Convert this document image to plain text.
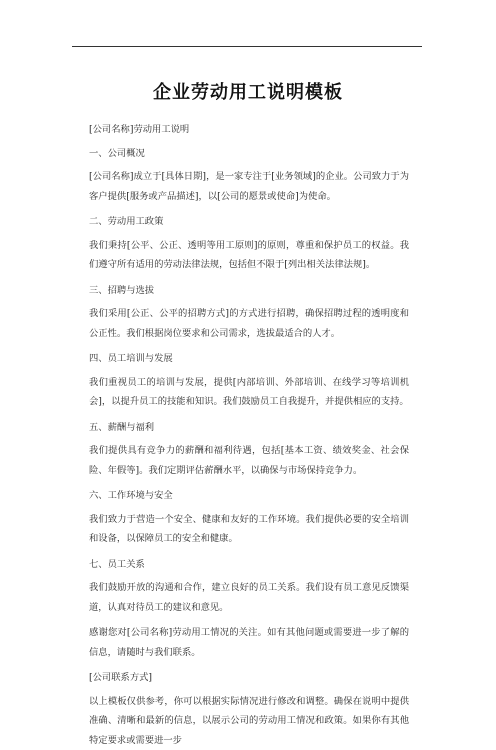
企业劳动用工说明模板

[公司名称]劳动用工说明

一、公司概况

[公司名称]成立于[具体日期]，是一家专注于[业务领域]的企业。公司致力于为客户提供[服务或产品描述]，以[公司的愿景或使命]为使命。

二、劳动用工政策

我们秉持[公平、公正、透明等用工原则]的原则，尊重和保护员工的权益。我们遵守所有适用的劳动法律法规，包括但不限于[列出相关法律法规]。

三、招聘与选拔

我们采用[公正、公平的招聘方式]的方式进行招聘，确保招聘过程的透明度和公正性。我们根据岗位要求和公司需求，选拔最适合的人才。

四、员工培训与发展

我们重视员工的培训与发展，提供[内部培训、外部培训、在线学习等培训机会]，以提升员工的技能和知识。我们鼓励员工自我提升，并提供相应的支持。

五、薪酬与福利

我们提供具有竞争力的薪酬和福利待遇，包括[基本工资、绩效奖金、社会保险、年假等]。我们定期评估薪酬水平，以确保与市场保持竞争力。

六、工作环境与安全

我们致力于营造一个安全、健康和友好的工作环境。我们提供必要的安全培训和设备，以保障员工的安全和健康。

七、员工关系

我们鼓励开放的沟通和合作，建立良好的员工关系。我们设有员工意见反馈渠道，认真对待员工的建议和意见。

感谢您对[公司名称]劳动用工情况的关注。如有其他问题或需要进一步了解的信息，请随时与我们联系。

[公司联系方式]

以上模板仅供参考，你可以根据实际情况进行修改和调整。确保在说明中提供准确、清晰和最新的信息，以展示公司的劳动用工情况和政策。如果你有其他特定要求或需要进一步
